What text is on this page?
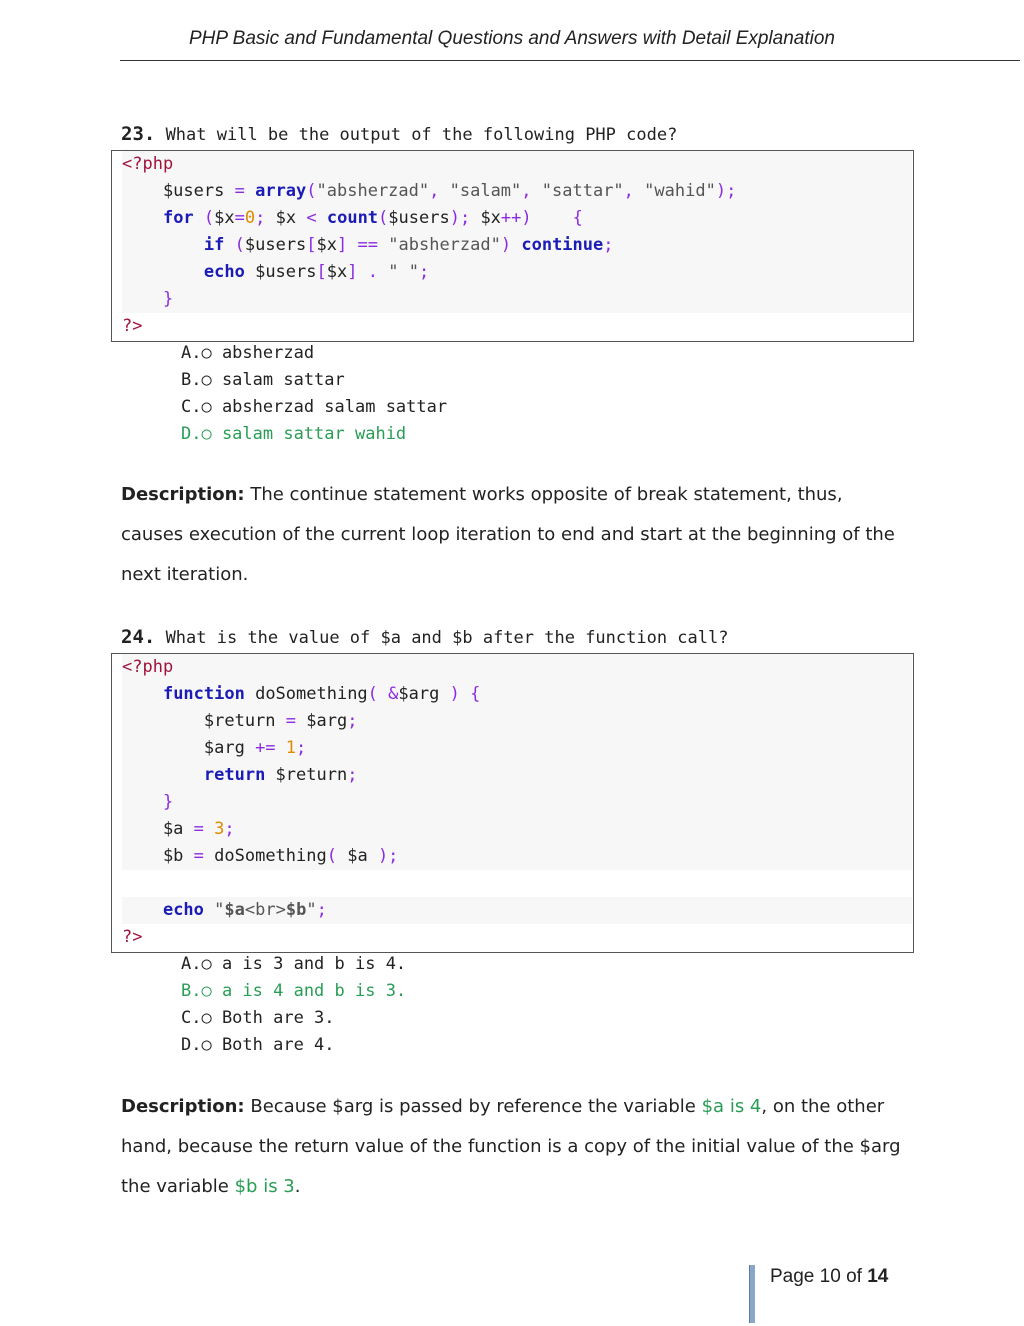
PHP Basic and Fundamental Questions and Answers with Detail Explanation
23. What will be the output of the following PHP code?
<?php
$users = array("absherzad", "salam", "sattar", "wahid");
for ($x=0; $x < count($users); $x++) {
if ($users[$x] == "absherzad") continue;
echo $users[$x] . " ";
}
?>
A.○ absherzad
B.○ salam sattar
C.○ absherzad salam sattar
D.○ salam sattar wahid
Description: The continue statement works opposite of break statement, thus, causes execution of the current loop iteration to end and start at the beginning of the next iteration.
24. What is the value of $a and $b after the function call?
<?php
function doSomething( &$arg ) {
$return = $arg;
$arg += 1;
return $return;
}
$a = 3;
$b = doSomething( $a );

echo "$a<br>$b";
?>
A.○ a is 3 and b is 4.
B.○ a is 4 and b is 3.
C.○ Both are 3.
D.○ Both are 4.
Description: Because $arg is passed by reference the variable $a is 4, on the other hand, because the return value of the function is a copy of the initial value of the $arg the variable $b is 3.
Page 10 of 14
